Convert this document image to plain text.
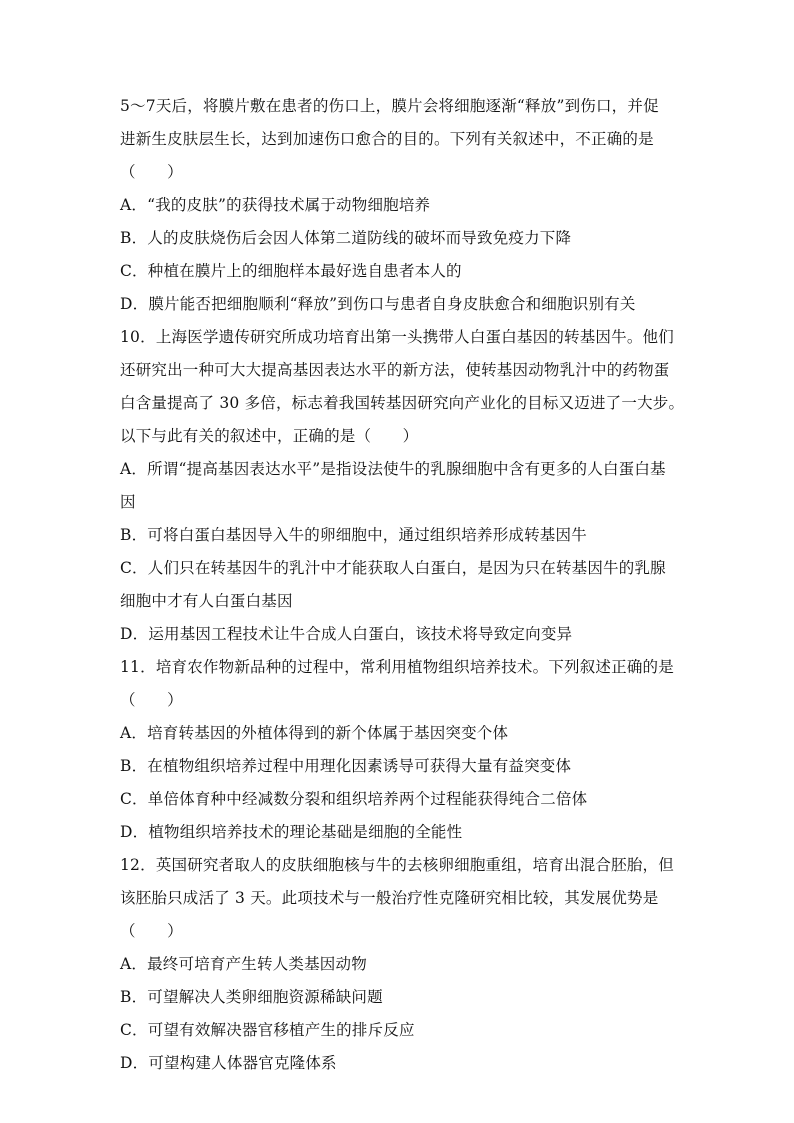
5～7天后，将膜片敷在患者的伤口上，膜片会将细胞逐渐“释放”到伤口，并促
进新生皮肤层生长，达到加速伤口愈合的目的。下列有关叙述中，不正确的是
（　　）
A．“我的皮肤”的获得技术属于动物细胞培养
B．人的皮肤烧伤后会因人体第二道防线的破坏而导致免疫力下降
C．种植在膜片上的细胞样本最好选自患者本人的
D．膜片能否把细胞顺利“释放”到伤口与患者自身皮肤愈合和细胞识别有关
10．上海医学遗传研究所成功培育出第一头携带人白蛋白基因的转基因牛。他们
还研究出一种可大大提高基因表达水平的新方法，使转基因动物乳汁中的药物蛋
白含量提高了 30 多倍，标志着我国转基因研究向产业化的目标又迈进了一大步。
以下与此有关的叙述中，正确的是（　　）
A．所谓“提高基因表达水平”是指设法使牛的乳腺细胞中含有更多的人白蛋白基
因
B．可将白蛋白基因导入牛的卵细胞中，通过组织培养形成转基因牛
C．人们只在转基因牛的乳汁中才能获取人白蛋白，是因为只在转基因牛的乳腺
细胞中才有人白蛋白基因
D．运用基因工程技术让牛合成人白蛋白，该技术将导致定向变异
11．培育农作物新品种的过程中，常利用植物组织培养技术。下列叙述正确的是
（　　）
A．培育转基因的外植体得到的新个体属于基因突变个体
B．在植物组织培养过程中用理化因素诱导可获得大量有益突变体
C．单倍体育种中经减数分裂和组织培养两个过程能获得纯合二倍体
D．植物组织培养技术的理论基础是细胞的全能性
12．英国研究者取人的皮肤细胞核与牛的去核卵细胞重组，培育出混合胚胎，但
该胚胎只成活了 3 天。此项技术与一般治疗性克隆研究相比较，其发展优势是
（　　）
A．最终可培育产生转人类基因动物
B．可望解决人类卵细胞资源稀缺问题
C．可望有效解决器官移植产生的排斥反应
D．可望构建人体器官克隆体系
